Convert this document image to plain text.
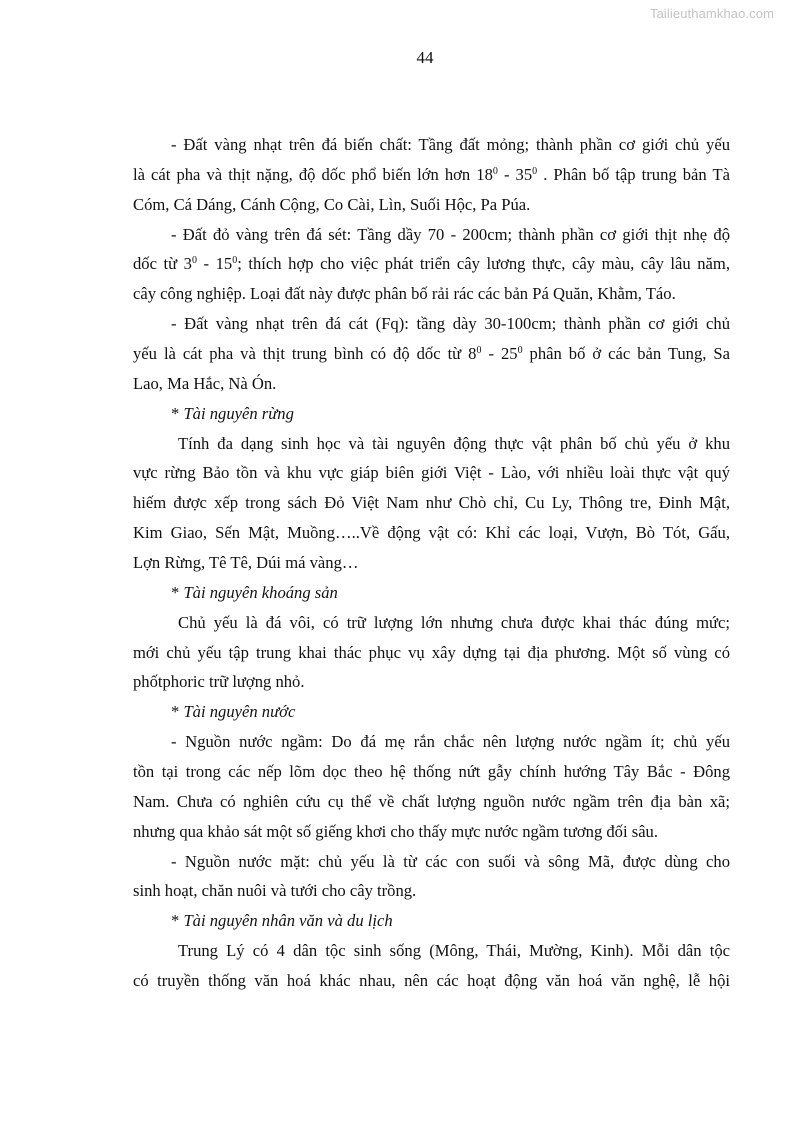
Tailieuthamkhao.com
44
- Đất vàng nhạt trên đá biến chất: Tầng đất mỏng; thành phần cơ giới chủ yếu
là cát pha và thịt nặng, độ dốc phổ biến lớn hơn $18^0 - 35^0$ . Phân bố tập trung bản Tà
Cóm, Cá Dáng, Cánh Cộng, Co Cài, Lìn, Suối Hộc, Pa Púa.
- Đất đỏ vàng trên đá sét: Tầng dầy 70 - 200cm; thành phần cơ giới thịt nhẹ độ
dốc từ $3^0 - 15^0$; thích hợp cho việc phát triển cây lương thực, cây màu, cây lâu năm,
cây công nghiệp. Loại đất này được phân bố rải rác các bản Pá Quăn, Khằm, Táo.
- Đất vàng nhạt trên đá cát (Fq): tầng dày 30-100cm; thành phần cơ giới chủ
yếu là cát pha và thịt trung bình có độ dốc từ $8^0 - 25^0$ phân bố ở các bản Tung, Sa
Lao, Ma Hắc, Nà Ón.
* Tài nguyên rừng
Tính đa dạng sinh học và tài nguyên động thực vật phân bố chủ yếu ở khu
vực rừng Bảo tồn và khu vực giáp biên giới Việt - Lào, với nhiều loài thực vật quý
hiếm được xếp trong sách Đỏ Việt Nam như Chò chỉ, Cu Ly, Thông tre, Đinh Mật,
Kim Giao, Sến Mật, Muồng…..Về động vật có: Khỉ các loại, Vượn, Bò Tót, Gấu,
Lợn Rừng, Tê Tê, Dúi má vàng…
* Tài nguyên khoáng sản
Chủ yếu là đá vôi, có trữ lượng lớn nhưng chưa được khai thác đúng mức;
mới chủ yếu tập trung khai thác phục vụ xây dựng tại địa phương. Một số vùng có
phốtphoric trữ lượng nhỏ.
* Tài nguyên nước
- Nguồn nước ngầm: Do đá mẹ rắn chắc nên lượng nước ngầm ít; chủ yếu
tồn tại trong các nếp lõm dọc theo hệ thống nứt gẫy chính hướng Tây Bắc - Đông
Nam. Chưa có nghiên cứu cụ thể về chất lượng nguồn nước ngầm trên địa bàn xã;
nhưng qua khảo sát một số giếng khơi cho thấy mực nước ngầm tương đối sâu.
- Nguồn nước mặt: chủ yếu là từ các con suối và sông Mã, được dùng cho
sinh hoạt, chăn nuôi và tưới cho cây trồng.
* Tài nguyên nhân văn và du lịch
Trung Lý có 4 dân tộc sinh sống (Mông, Thái, Mường, Kinh). Mỗi dân tộc
có truyền thống văn hoá khác nhau, nên các hoạt động văn hoá văn nghệ, lễ hội
